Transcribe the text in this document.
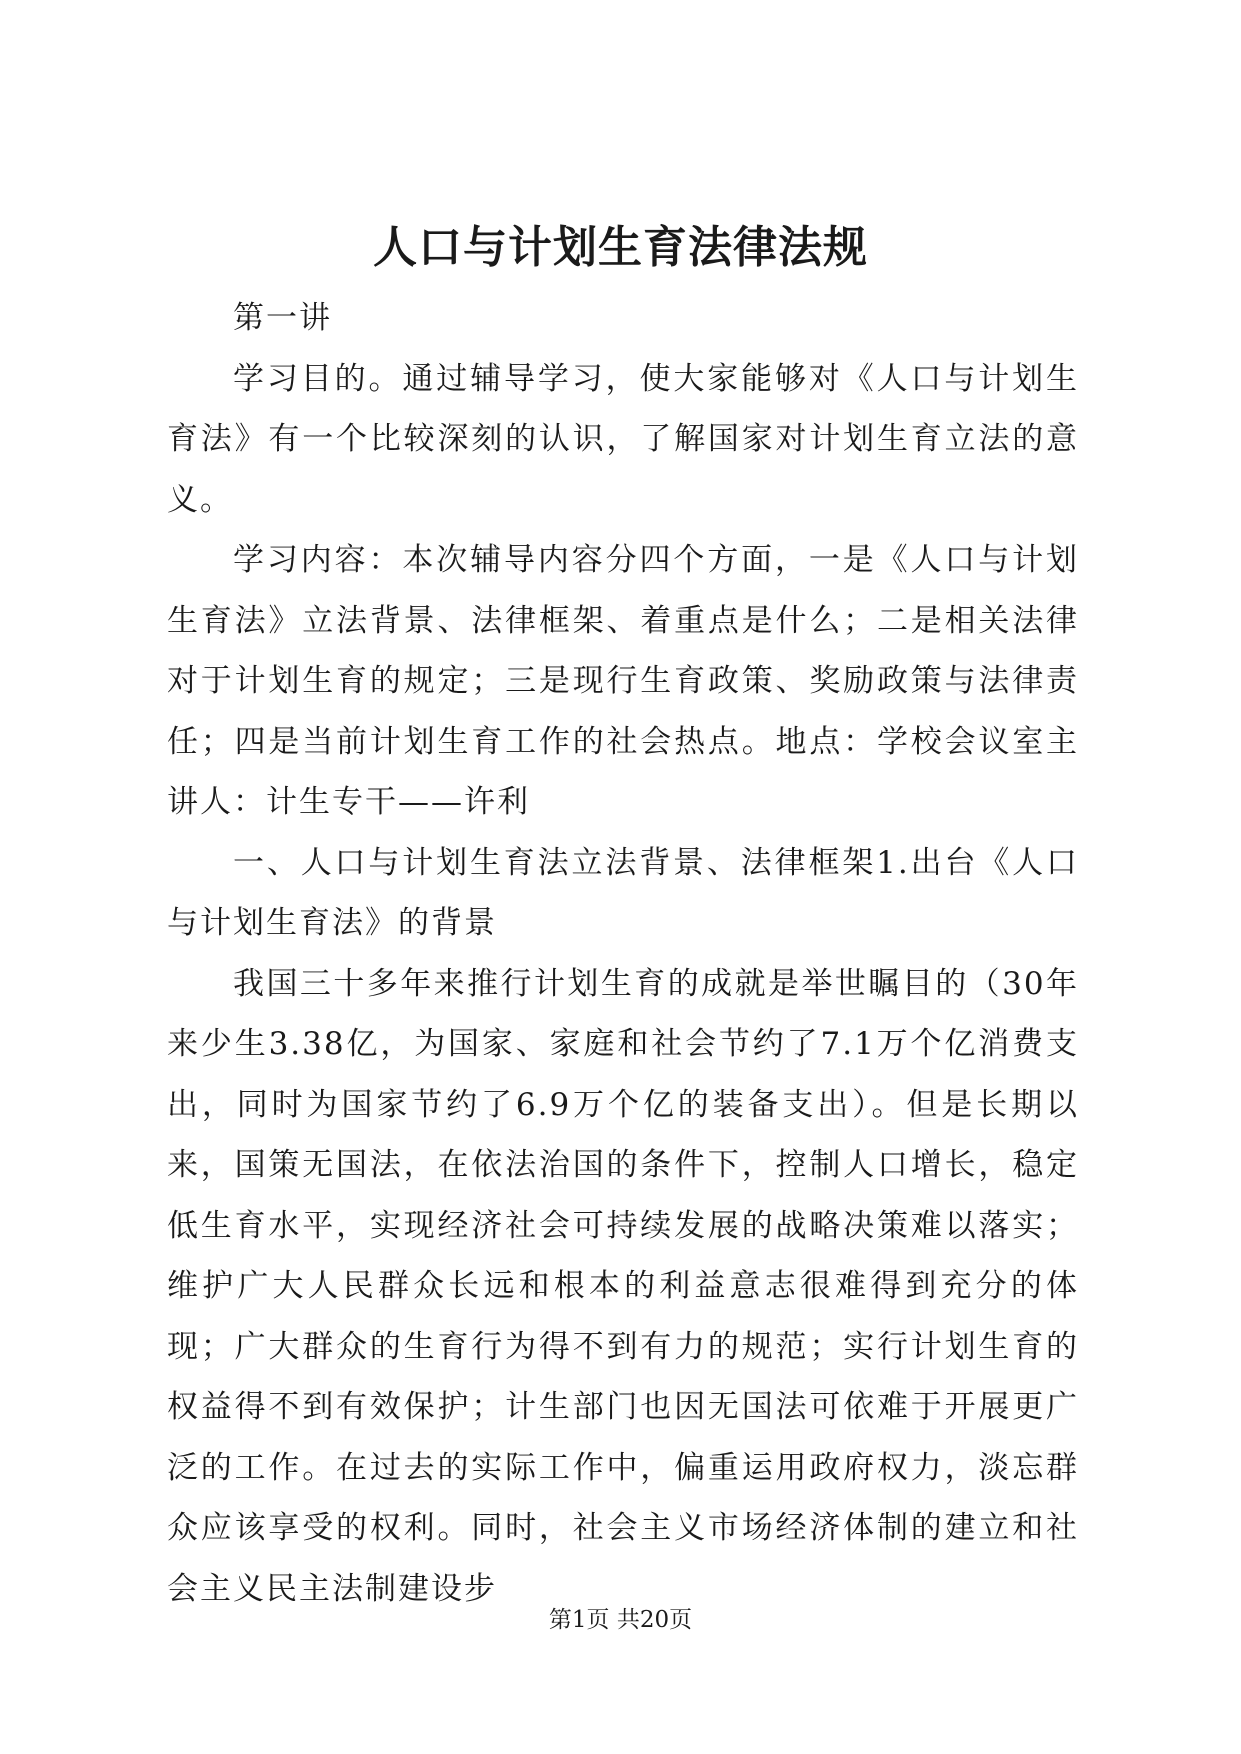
人口与计划生育法律法规

第一讲

学习目的。通过辅导学习，使大家能够对《人口与计划生育法》有一个比较深刻的认识，了解国家对计划生育立法的意义。

学习内容：本次辅导内容分四个方面，一是《人口与计划生育法》立法背景、法律框架、着重点是什么；二是相关法律对于计划生育的规定；三是现行生育政策、奖励政策与法律责任；四是当前计划生育工作的社会热点。地点：学校会议室主讲人：计生专干——许利

一、人口与计划生育法立法背景、法律框架1.出台《人口与计划生育法》的背景

我国三十多年来推行计划生育的成就是举世瞩目的（30年来少生3.38亿，为国家、家庭和社会节约了7.1万个亿消费支出，同时为国家节约了6.9万个亿的装备支出）。但是长期以来，国策无国法，在依法治国的条件下，控制人口增长，稳定低生育水平，实现经济社会可持续发展的战略决策难以落实；维护广大人民群众长远和根本的利益意志很难得到充分的体现；广大群众的生育行为得不到有力的规范；实行计划生育的权益得不到有效保护；计生部门也因无国法可依难于开展更广泛的工作。在过去的实际工作中，偏重运用政府权力，淡忘群众应该享受的权利。同时，社会主义市场经济体制的建立和社会主义民主法制建设步

第1页 共20页
